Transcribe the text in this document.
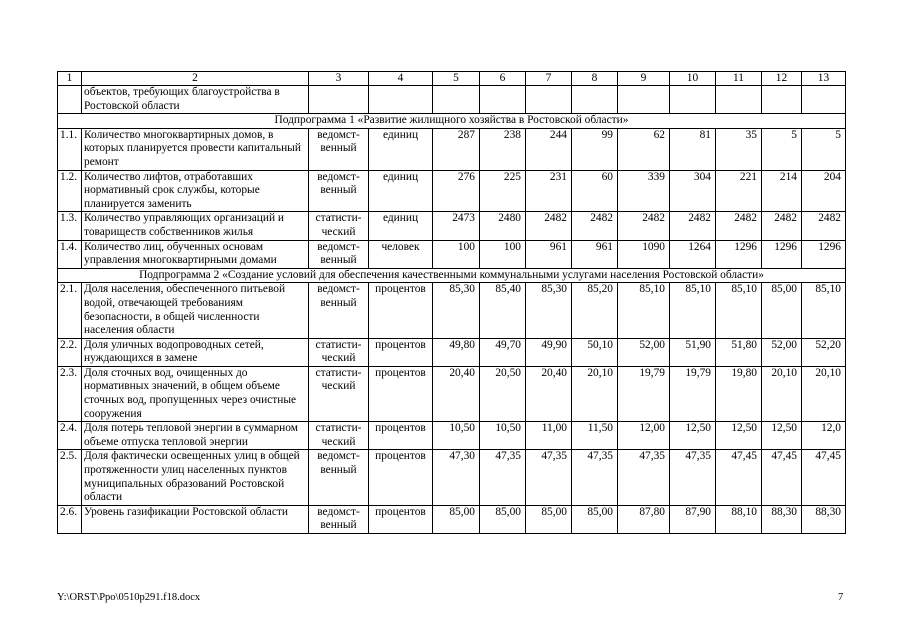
1	2	3	4	5	6	7	8	9	10	11	12	13
	объектов, требующих благоустройства в Ростовской области											
Подпрограмма 1 «Развитие жилищного хозяйства в Ростовской области»												
1.1.	Количество многоквартирных домов, в которых планируется провести капитальный ремонт	ведомст-венный	единиц	287	238	244	99	62	81	35	5	5
1.2.	Количество лифтов, отработавших нормативный срок службы, которые планируется заменить	ведомст-венный	единиц	276	225	231	60	339	304	221	214	204
1.3.	Количество управляющих организаций и товариществ собственников жилья	статисти-ческий	единиц	2473	2480	2482	2482	2482	2482	2482	2482	2482
1.4.	Количество лиц, обученных основам управления многоквартирными домами	ведомст-венный	человек	100	100	961	961	1090	1264	1296	1296	1296
Подпрограмма 2 «Создание условий для обеспечения качественными коммунальными услугами населения Ростовской области»												
2.1.	Доля населения, обеспеченного питьевой водой, отвечающей требованиям безопасности, в общей численности населения области	ведомст-венный	процентов	85,30	85,40	85,30	85,20	85,10	85,10	85,10	85,00	85,10
2.2.	Доля уличных водопроводных сетей, нуждающихся в замене	статисти-ческий	процентов	49,80	49,70	49,90	50,10	52,00	51,90	51,80	52,00	52,20
2.3.	Доля сточных вод, очищенных до нормативных значений, в общем объеме сточных вод, пропущенных через очистные сооружения	статисти-ческий	процентов	20,40	20,50	20,40	20,10	19,79	19,79	19,80	20,10	20,10
2.4.	Доля потерь тепловой энергии в суммарном объеме отпуска тепловой энергии	статисти-ческий	процентов	10,50	10,50	11,00	11,50	12,00	12,50	12,50	12,50	12,0
2.5.	Доля фактически освещенных улиц в общей протяженности улиц населенных пунктов муниципальных образований Ростовской области	ведомст-венный	процентов	47,30	47,35	47,35	47,35	47,35	47,35	47,45	47,45	47,45
2.6.	Уровень газификации Ростовской области	ведомст-венный	процентов	85,00	85,00	85,00	85,00	87,80	87,90	88,10	88,30	88,30
Y:\ORST\Ppo\0510p291.f18.docx	7
